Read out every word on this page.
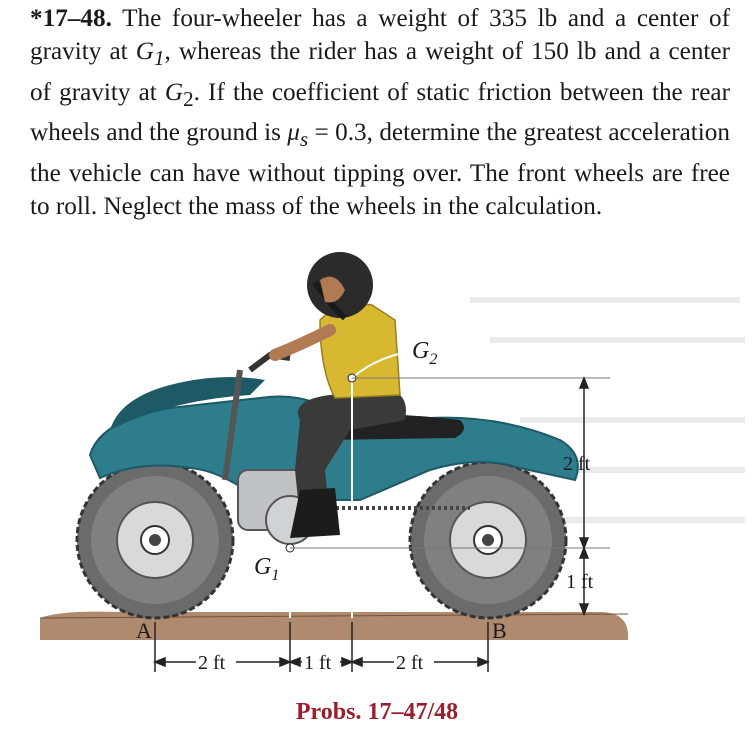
*17–48. The four-wheeler has a weight of 335 lb and a center of gravity at $G_1$, whereas the rider has a weight of 150 lb and a center of gravity at $G_2$. If the coefficient of static friction between the rear wheels and the ground is $\mu_s = 0.3$, determine the greatest acceleration the vehicle can have without tipping over. The front wheels are free to roll. Neglect the mass of the wheels in the calculation.
2 ft
1 ft
$G_2$
$G_1$
A	B
2 ft	1 ft	2 ft
Probs. 17–47/48
